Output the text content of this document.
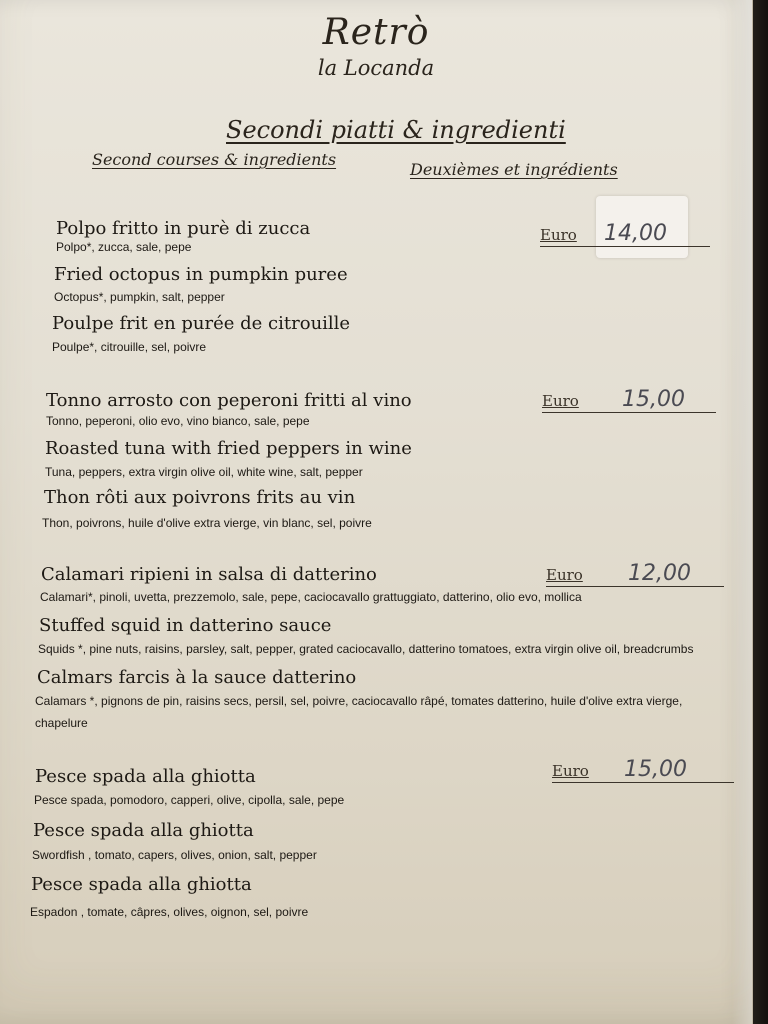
Retrò
la Locanda
Secondi piatti & ingredienti
Second courses & ingredients
Deuxièmes et ingrédients
Polpo fritto in purè di zucca
Polpo*, zucca, sale, pepe
Fried octopus in pumpkin puree
Octopus*, pumpkin, salt, pepper
Poulpe frit en purée de citrouille
Poulpe*, citrouille, sel, poivre
Euro 14,00
Tonno arrosto con peperoni fritti al vino
Tonno, peperoni, olio evo, vino bianco, sale, pepe
Roasted tuna with fried peppers in wine
Tuna, peppers, extra virgin olive oil, white wine, salt, pepper
Thon rôti aux poivrons frits au vin
Thon, poivrons, huile d'olive extra vierge, vin blanc, sel, poivre
Euro 15,00
Calamari ripieni in salsa di datterino
Calamari*, pinoli, uvetta, prezzemolo, sale, pepe, caciocavallo grattuggiato, datterino, olio evo, mollica
Stuffed squid in datterino sauce
Squids *, pine nuts, raisins, parsley, salt, pepper, grated caciocavallo, datterino tomatoes, extra virgin olive oil, breadcrumbs
Calmars farcis à la sauce datterino
Calamars *, pignons de pin, raisins secs, persil, sel, poivre, caciocavallo râpé, tomates datterino, huile d'olive extra vierge, chapelure
Euro 12,00
Pesce spada alla ghiotta
Pesce spada, pomodoro, capperi, olive, cipolla, sale, pepe
Pesce spada alla ghiotta
Swordfish , tomato, capers, olives, onion, salt, pepper
Pesce spada alla ghiotta
Espadon , tomate, câpres, olives, oignon, sel, poivre
Euro 15,00
